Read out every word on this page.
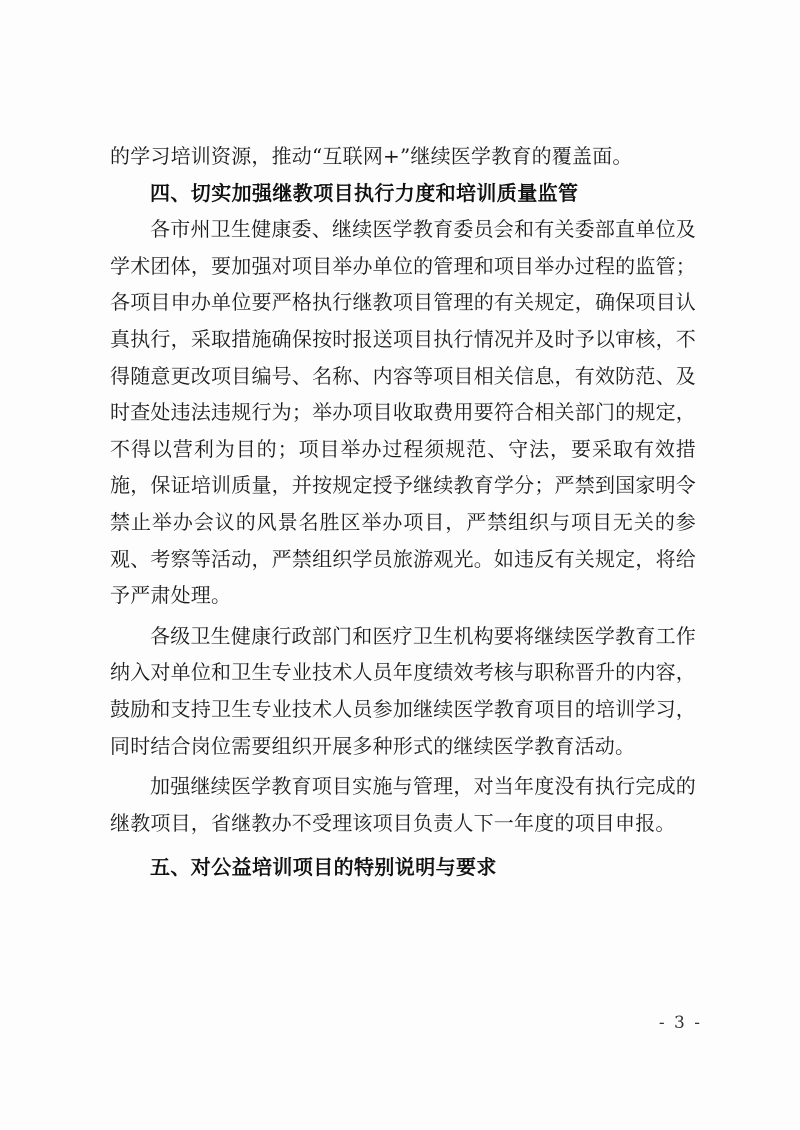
的学习培训资源，推动“互联网+”继续医学教育的覆盖面。

四、切实加强继教项目执行力度和培训质量监管

各市州卫生健康委、继续医学教育委员会和有关委部直单位及学术团体，要加强对项目举办单位的管理和项目举办过程的监管；各项目申办单位要严格执行继教项目管理的有关规定，确保项目认真执行，采取措施确保按时报送项目执行情况并及时予以审核，不得随意更改项目编号、名称、内容等项目相关信息，有效防范、及时查处违法违规行为；举办项目收取费用要符合相关部门的规定，不得以营利为目的；项目举办过程须规范、守法，要采取有效措施，保证培训质量，并按规定授予继续教育学分；严禁到国家明令禁止举办会议的风景名胜区举办项目，严禁组织与项目无关的参观、考察等活动，严禁组织学员旅游观光。如违反有关规定，将给予严肃处理。

各级卫生健康行政部门和医疗卫生机构要将继续医学教育工作纳入对单位和卫生专业技术人员年度绩效考核与职称晋升的内容，鼓励和支持卫生专业技术人员参加继续医学教育项目的培训学习，同时结合岗位需要组织开展多种形式的继续医学教育活动。

加强继续医学教育项目实施与管理，对当年度没有执行完成的继教项目，省继教办不受理该项目负责人下一年度的项目申报。

五、对公益培训项目的特别说明与要求
- 3 -
